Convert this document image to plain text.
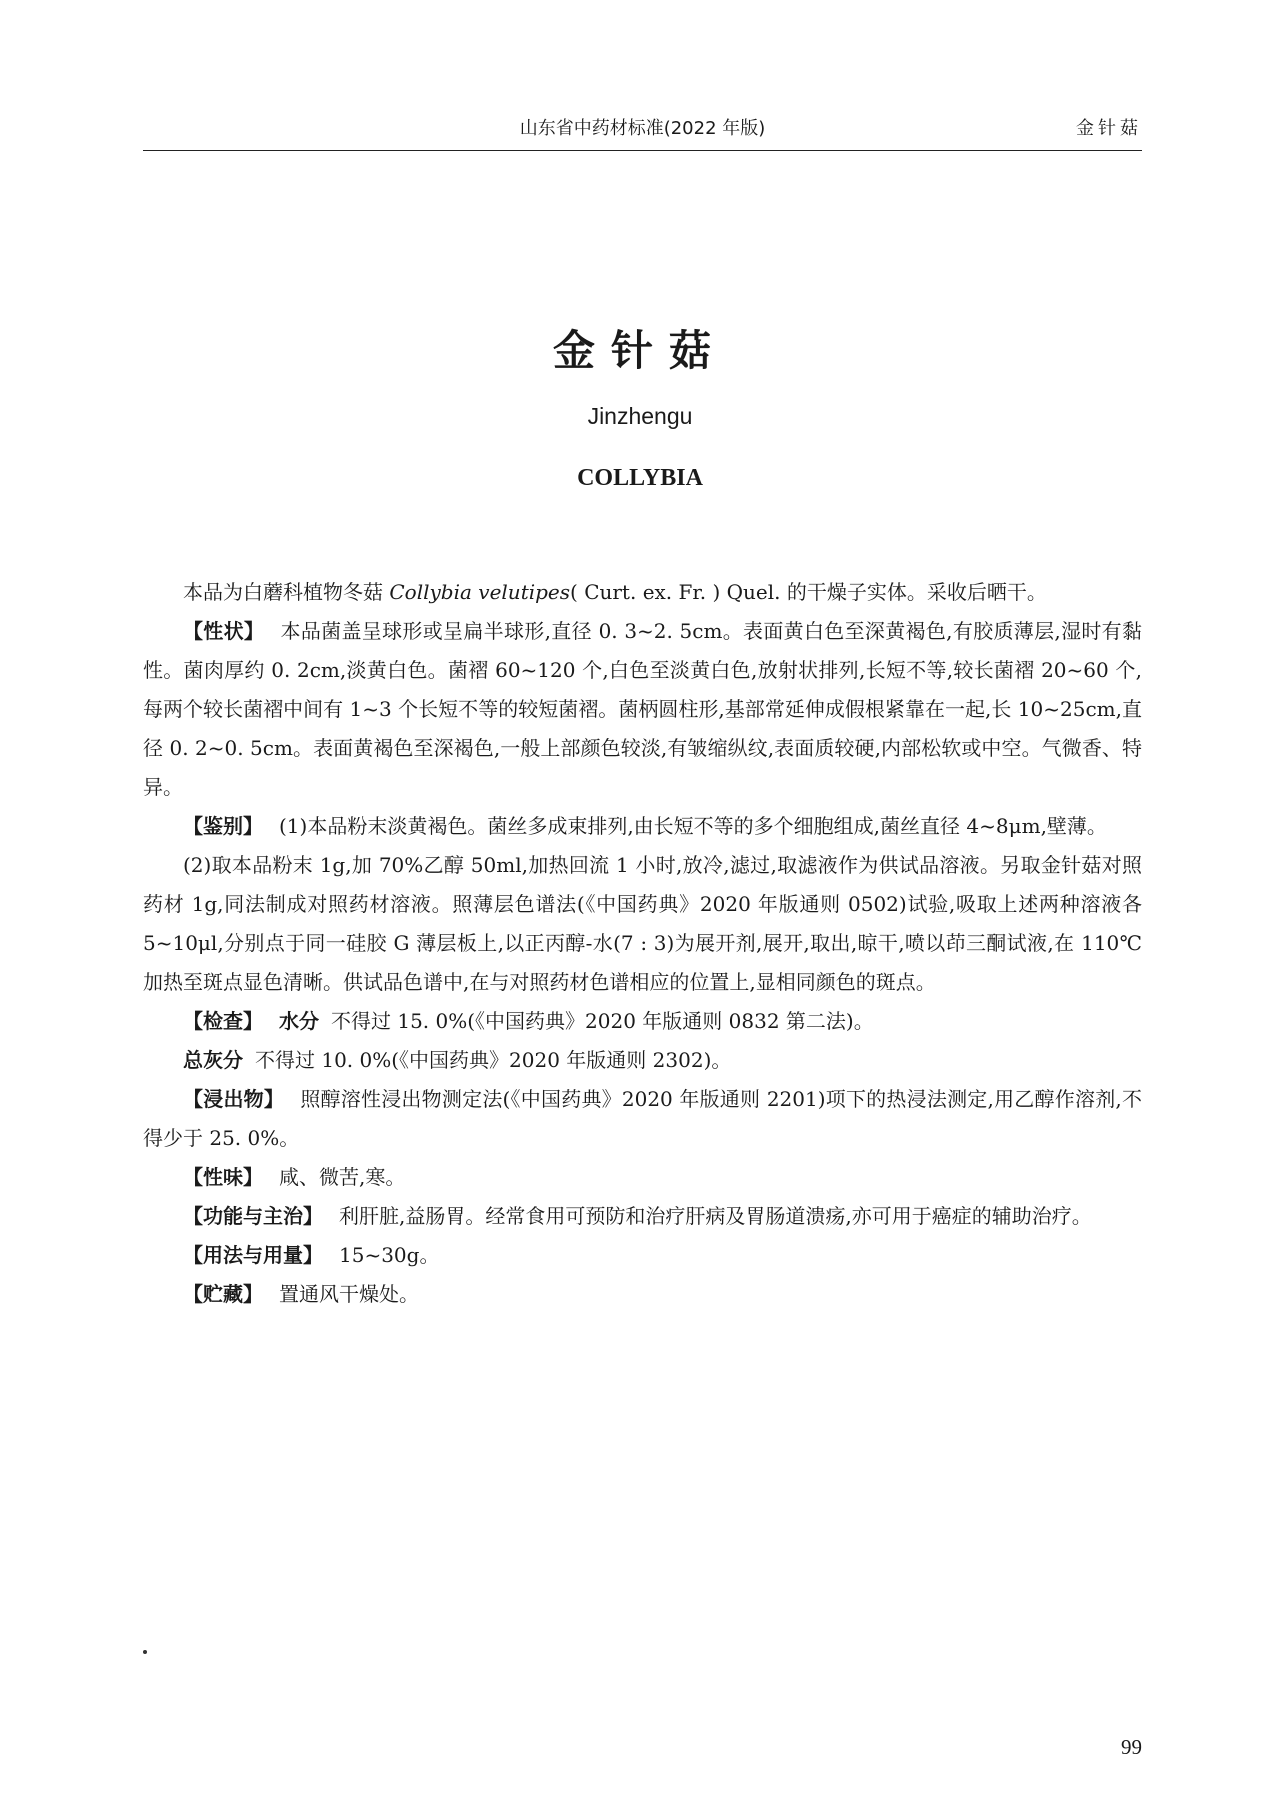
山东省中药材标准(2022 年版)	金针菇
金针菇
Jinzhengu
COLLYBIA

本品为白蘑科植物冬菇 Collybia velutipes( Curt. ex. Fr. ) Quel. 的干燥子实体。采收后晒干。

【性状】 本品菌盖呈球形或呈扁半球形,直径 0. 3~2. 5cm。表面黄白色至深黄褐色,有胶质薄层,湿时有黏性。菌肉厚约 0. 2cm,淡黄白色。菌褶 60~120 个,白色至淡黄白色,放射状排列,长短不等,较长菌褶 20~60 个,每两个较长菌褶中间有 1~3 个长短不等的较短菌褶。菌柄圆柱形,基部常延伸成假根紧靠在一起,长 10~25cm,直径 0. 2~0. 5cm。表面黄褐色至深褐色,一般上部颜色较淡,有皱缩纵纹,表面质较硬,内部松软或中空。气微香、特异。

【鉴别】 (1)本品粉末淡黄褐色。菌丝多成束排列,由长短不等的多个细胞组成,菌丝直径 4~8μm,壁薄。

(2)取本品粉末 1g,加 70%乙醇 50ml,加热回流 1 小时,放冷,滤过,取滤液作为供试品溶液。另取金针菇对照药材 1g,同法制成对照药材溶液。照薄层色谱法(《中国药典》2020 年版通则 0502)试验,吸取上述两种溶液各 5~10μl,分别点于同一硅胶 G 薄层板上,以正丙醇-水(7 : 3)为展开剂,展开,取出,晾干,喷以茚三酮试液,在 110℃加热至斑点显色清晰。供试品色谱中,在与对照药材色谱相应的位置上,显相同颜色的斑点。

【检查】 水分 不得过 15. 0%(《中国药典》2020 年版通则 0832 第二法)。

总灰分 不得过 10. 0%(《中国药典》2020 年版通则 2302)。

【浸出物】 照醇溶性浸出物测定法(《中国药典》2020 年版通则 2201)项下的热浸法测定,用乙醇作溶剂,不得少于 25. 0%。

【性味】 咸、微苦,寒。

【功能与主治】 利肝脏,益肠胃。经常食用可预防和治疗肝病及胃肠道溃疡,亦可用于癌症的辅助治疗。

【用法与用量】 15~30g。

【贮藏】 置通风干燥处。

99
